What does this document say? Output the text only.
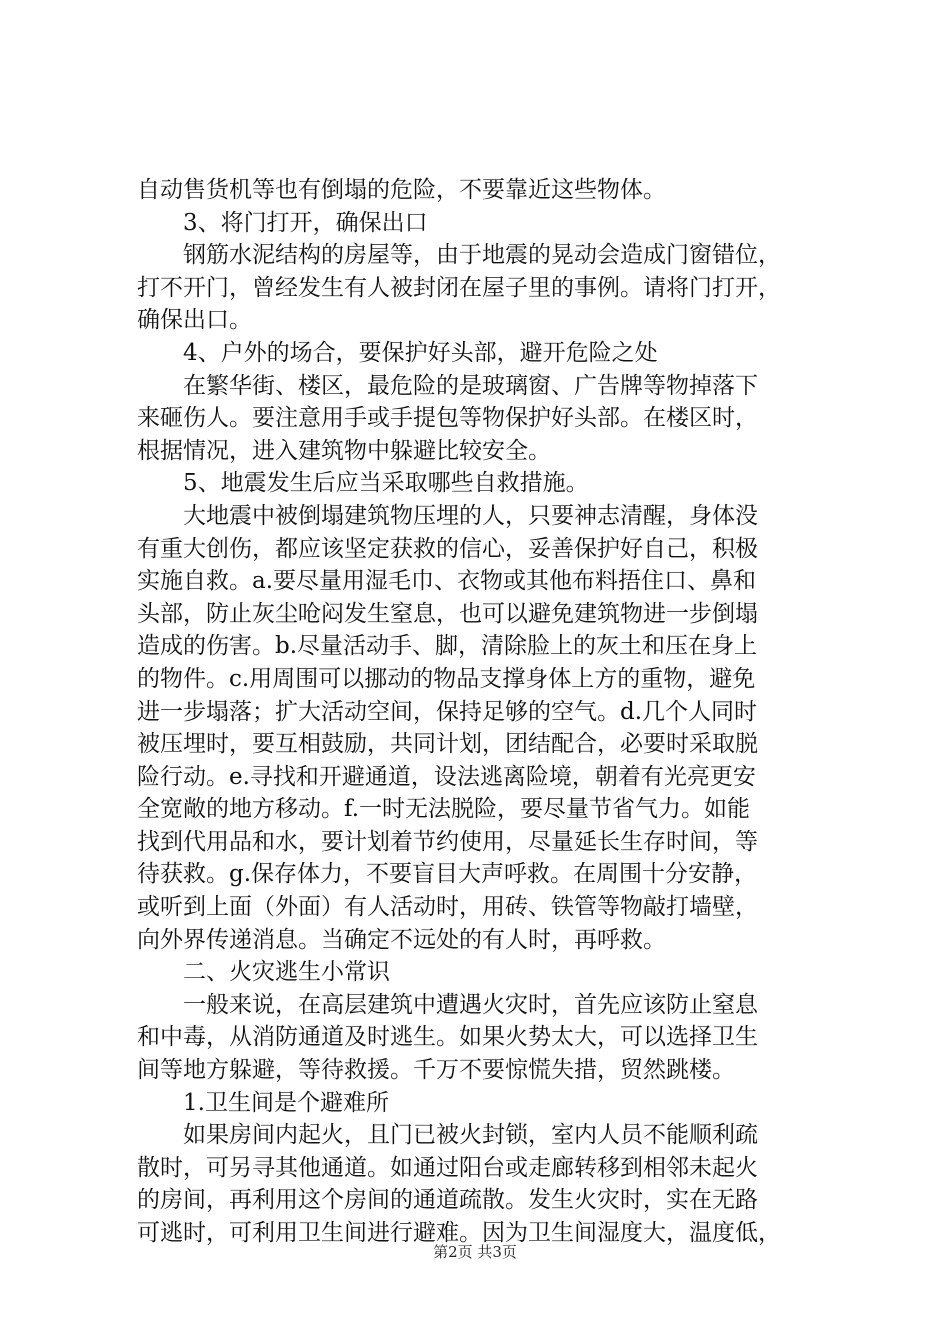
自动售货机等也有倒塌的危险，不要靠近这些物体。
　　3、将门打开，确保出口
　　钢筋水泥结构的房屋等，由于地震的晃动会造成门窗错位，
打不开门，曾经发生有人被封闭在屋子里的事例。请将门打开，
确保出口。
　　4、户外的场合，要保护好头部，避开危险之处
　　在繁华街、楼区，最危险的是玻璃窗、广告牌等物掉落下
来砸伤人。要注意用手或手提包等物保护好头部。在楼区时，
根据情况，进入建筑物中躲避比较安全。
　　5、地震发生后应当采取哪些自救措施。
　　大地震中被倒塌建筑物压埋的人，只要神志清醒，身体没
有重大创伤，都应该坚定获救的信心，妥善保护好自己，积极
实施自救。a.要尽量用湿毛巾、衣物或其他布料捂住口、鼻和
头部，防止灰尘呛闷发生窒息，也可以避免建筑物进一步倒塌
造成的伤害。b.尽量活动手、脚，清除脸上的灰土和压在身上
的物件。c.用周围可以挪动的物品支撑身体上方的重物，避免
进一步塌落；扩大活动空间，保持足够的空气。d.几个人同时
被压埋时，要互相鼓励，共同计划，团结配合，必要时采取脱
险行动。e.寻找和开避通道，设法逃离险境，朝着有光亮更安
全宽敞的地方移动。f.一时无法脱险，要尽量节省气力。如能
找到代用品和水，要计划着节约使用，尽量延长生存时间，等
待获救。g.保存体力，不要盲目大声呼救。在周围十分安静，
或听到上面（外面）有人活动时，用砖、铁管等物敲打墙壁，
向外界传递消息。当确定不远处的有人时，再呼救。
　　二、火灾逃生小常识
　　一般来说，在高层建筑中遭遇火灾时，首先应该防止窒息
和中毒，从消防通道及时逃生。如果火势太大，可以选择卫生
间等地方躲避，等待救援。千万不要惊慌失措，贸然跳楼。
　　1.卫生间是个避难所
　　如果房间内起火，且门已被火封锁，室内人员不能顺利疏
散时，可另寻其他通道。如通过阳台或走廊转移到相邻未起火
的房间，再利用这个房间的通道疏散。发生火灾时，实在无路
可逃时，可利用卫生间进行避难。因为卫生间湿度大，温度低，
第2页 共3页
